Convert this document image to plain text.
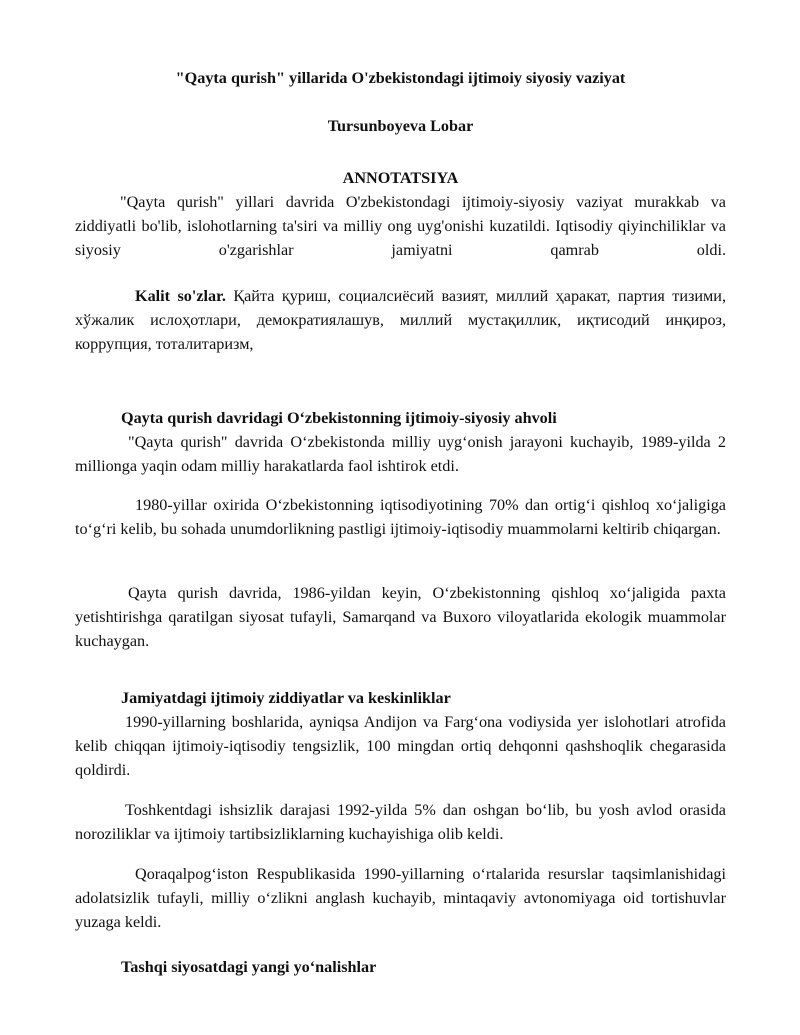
"Qayta qurish" yillarida O'zbekistondagi ijtimoiy siyosiy vaziyat
Tursunboyeva Lobar
ANNOTATSIYA

"Qayta qurish" yillari davrida O'zbekistondagi ijtimoiy-siyosiy vaziyat murakkab va ziddiyatli bo'lib, islohotlarning ta'siri va milliy ong uyg'onishi kuzatildi. Iqtisodiy qiyinchiliklar va siyosiy o'zgarishlar jamiyatni qamrab oldi.

Kalit so'zlar. Қайта қуриш, социалсиёсий вазият, миллий ҳаракат, партия тизими, хўжалик ислоҳотлари, демократиялашув, миллий мустақиллик, иқтисодий инқироз, коррупция, тоталитаризм,

Qayta qurish davridagi O‘zbekistonning ijtimoiy-siyosiy ahvoli

"Qayta qurish" davrida O‘zbekistonda milliy uyg‘onish jarayoni kuchayib, 1989-yilda 2 millionga yaqin odam milliy harakatlarda faol ishtirok etdi.

1980-yillar oxirida O‘zbekistonning iqtisodiyotining 70% dan ortig‘i qishloq xo‘jaligiga to‘g‘ri kelib, bu sohada unumdorlikning pastligi ijtimoiy-iqtisodiy muammolarni keltirib chiqargan.

Qayta qurish davrida, 1986-yildan keyin, O‘zbekistonning qishloq xo‘jaligida paxta yetishtirishga qaratilgan siyosat tufayli, Samarqand va Buxoro viloyatlarida ekologik muammolar kuchaygan.

Jamiyatdagi ijtimoiy ziddiyatlar va keskinliklar

1990-yillarning boshlarida, ayniqsa Andijon va Farg‘ona vodiysida yer islohotlari atrofida kelib chiqqan ijtimoiy-iqtisodiy tengsizlik, 100 mingdan ortiq dehqonni qashshoqlik chegarasida qoldirdi.

Toshkentdagi ishsizlik darajasi 1992-yilda 5% dan oshgan bo‘lib, bu yosh avlod orasida noroziliklar va ijtimoiy tartibsizliklarning kuchayishiga olib keldi.

Qoraqalpog‘iston Respublikasida 1990-yillarning o‘rtalarida resurslar taqsimlanishidagi adolatsizlik tufayli, milliy o‘zlikni anglash kuchayib, mintaqaviy avtonomiyaga oid tortishuvlar yuzaga keldi.

Tashqi siyosatdagi yangi yo‘nalishlar
